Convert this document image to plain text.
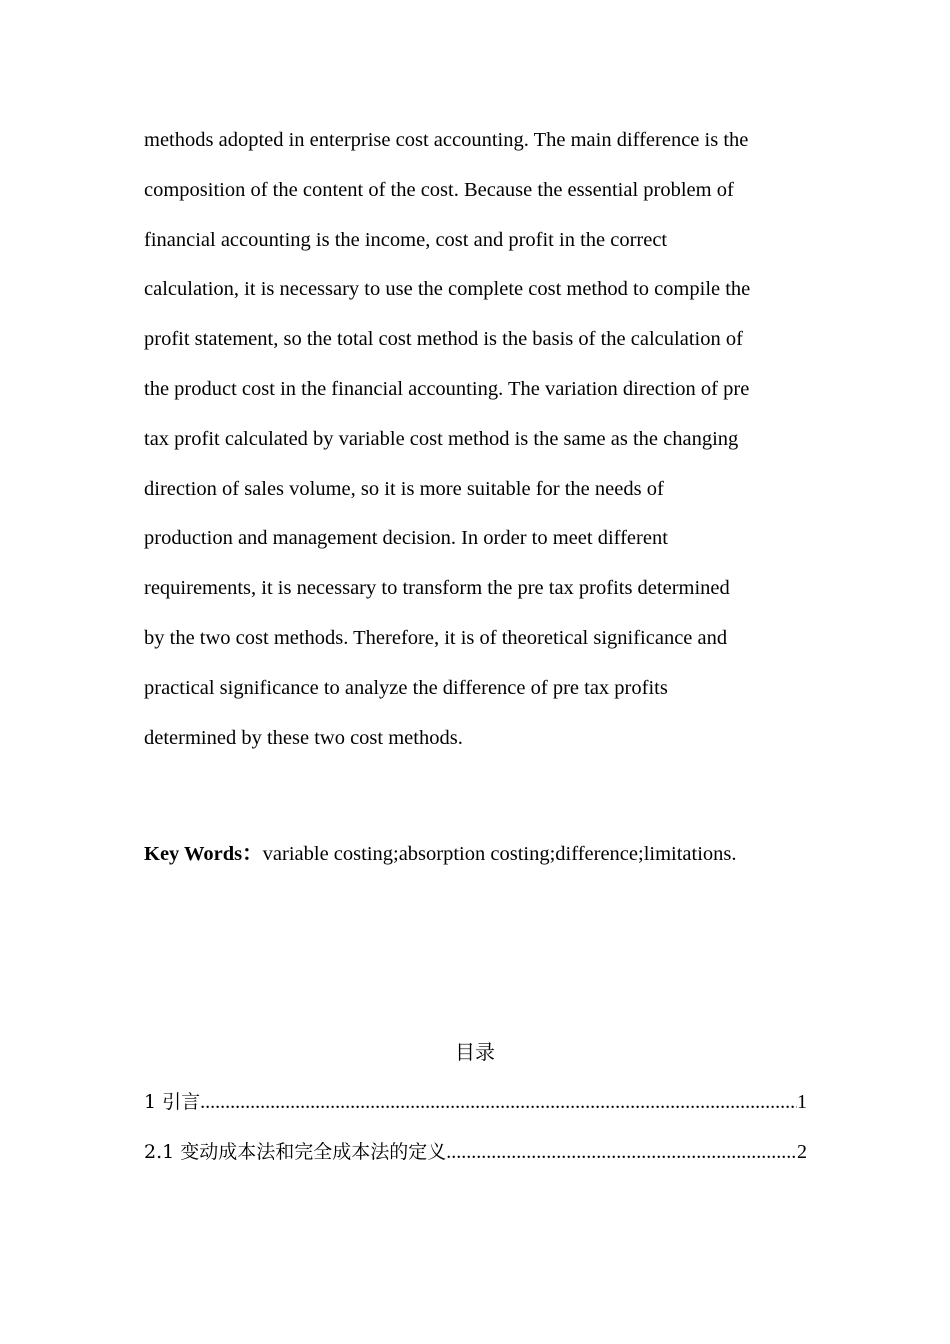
methods adopted in enterprise cost accounting. The main difference is the
composition of the content of the cost. Because the essential problem of
financial accounting is the income, cost and profit in the correct
calculation, it is necessary to use the complete cost method to compile the
profit statement, so the total cost method is the basis of the calculation of
the product cost in the financial accounting. The variation direction of pre
tax profit calculated by variable cost method is the same as the changing
direction of sales volume, so it is more suitable for the needs of
production and management decision. In order to meet different
requirements, it is necessary to transform the pre tax profits determined
by the two cost methods. Therefore, it is of theoretical significance and
practical significance to analyze the difference of pre tax profits
determined by these two cost methods.
Key Words：variable costing;absorption costing;difference;limitations.
目录
1 引言 .....	1
2.1 变动成本法和完全成本法的定义 .....	2
